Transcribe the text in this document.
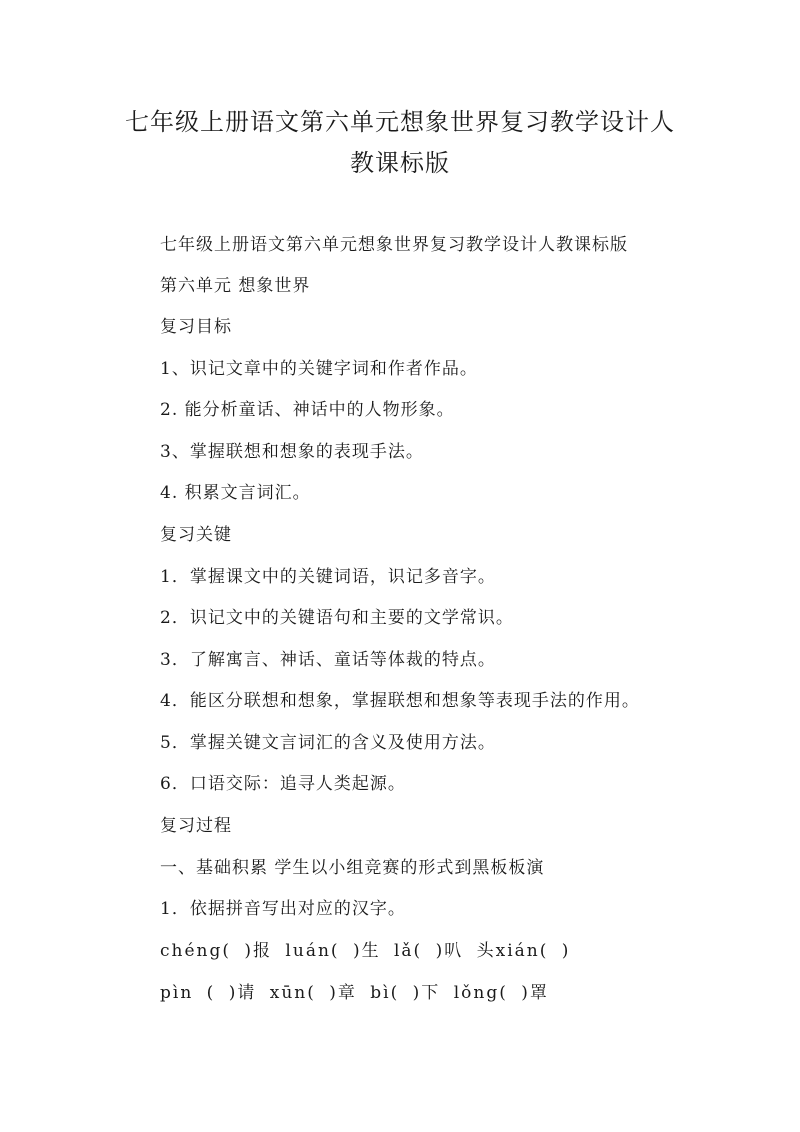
七年级上册语文第六单元想象世界复习教学设计人
教课标版
七年级上册语文第六单元想象世界复习教学设计人教课标版
第六单元 想象世界
复习目标
1、识记文章中的关键字词和作者作品。
2. 能分析童话、神话中的人物形象。
3、掌握联想和想象的表现手法。
4. 积累文言词汇。
复习关键
1．掌握课文中的关键词语，识记多音字。
2．识记文中的关键语句和主要的文学常识。
3．了解寓言、神话、童话等体裁的特点。
4．能区分联想和想象，掌握联想和想象等表现手法的作用。
5．掌握关键文言词汇的含义及使用方法。
6．口语交际：追寻人类起源。
复习过程
一、基础积累 学生以小组竞赛的形式到黑板板演
1．依据拼音写出对应的汉字。
chéng( )报 luán( )生 lǎ( )叭 头xián( )
pìn ( )请 xūn( )章 bì( )下 lǒng( )罩
